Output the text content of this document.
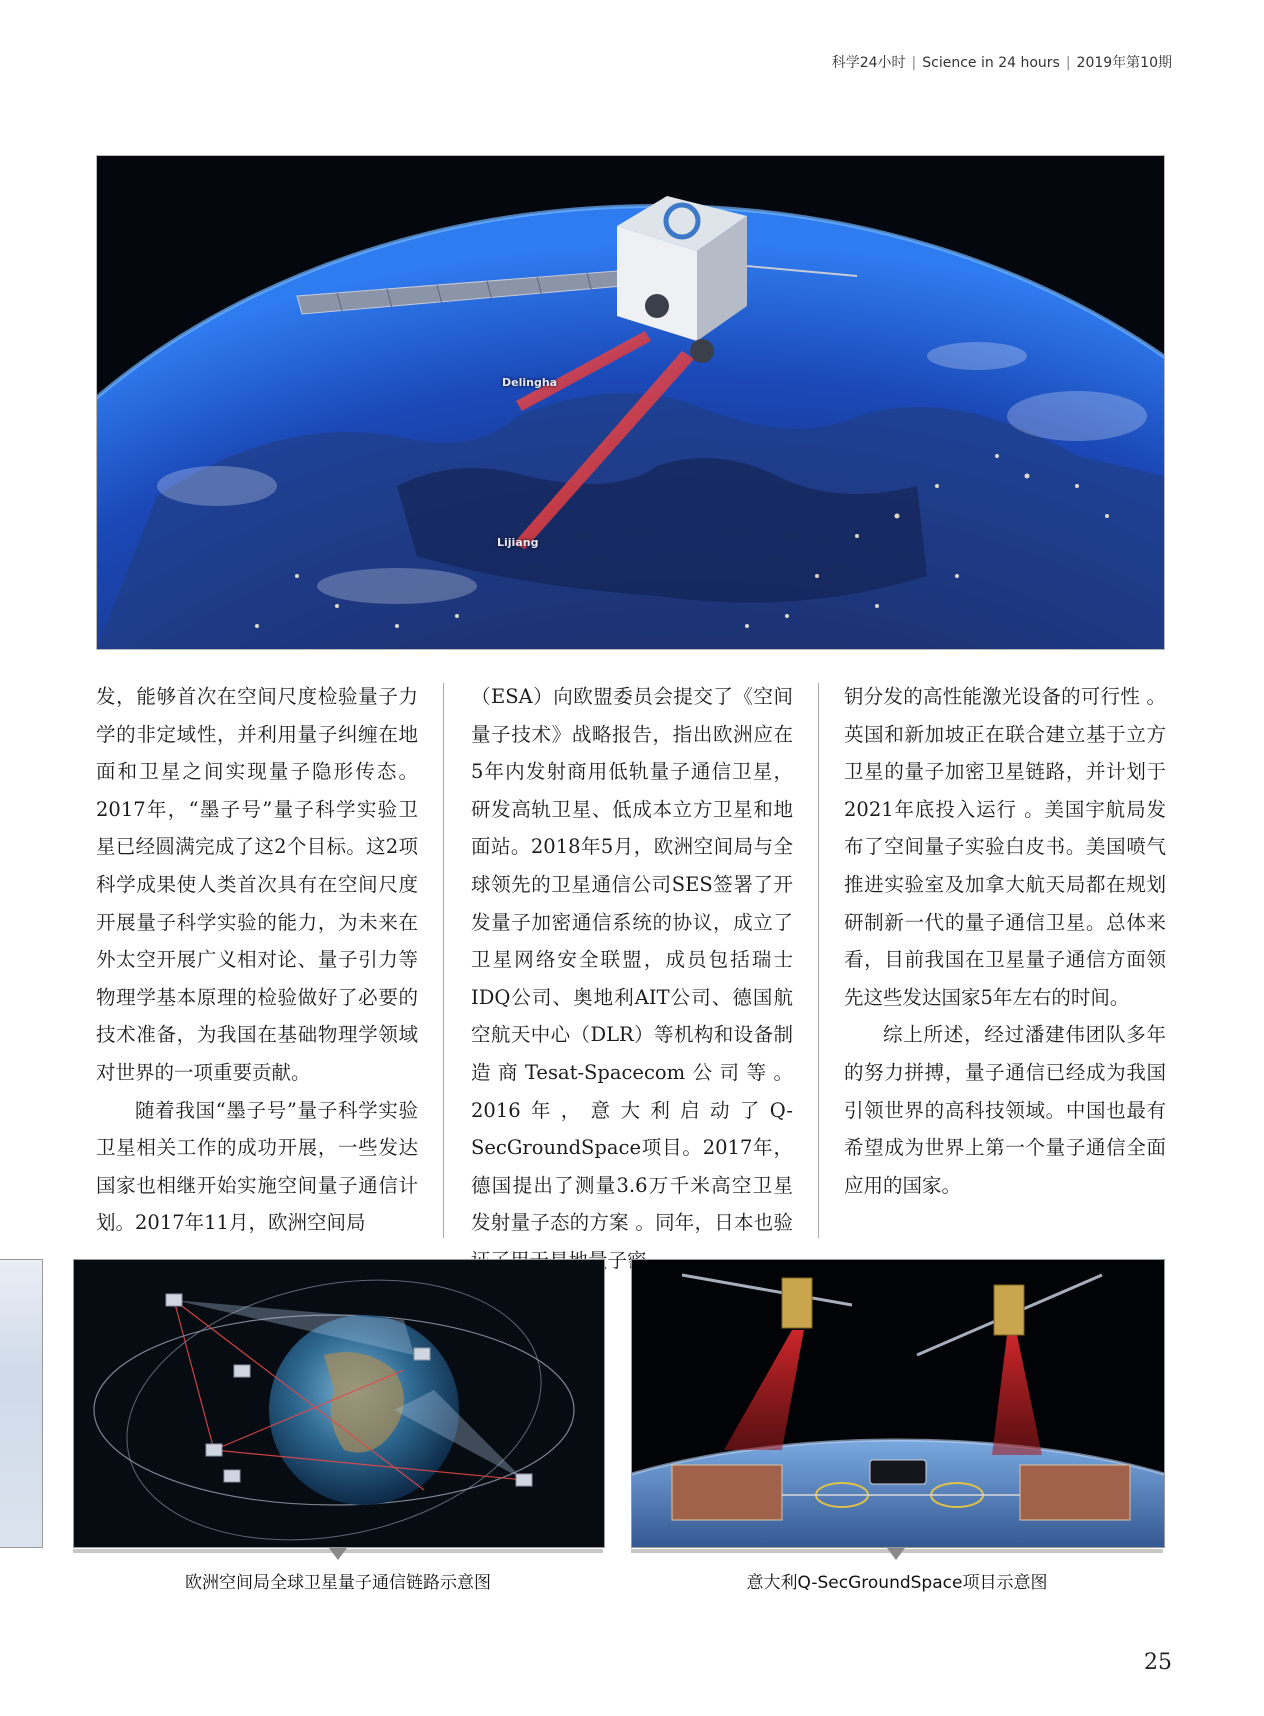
科学24小时 | Science in 24 hours | 2019年第10期
Delingha
Lijiang

发，能够首次在空间尺度检验量子力学的非定域性，并利用量子纠缠在地面和卫星之间实现量子隐形传态。2017年，“墨子号”量子科学实验卫星已经圆满完成了这2个目标。这2项科学成果使人类首次具有在空间尺度开展量子科学实验的能力，为未来在外太空开展广义相对论、量子引力等物理学基本原理的检验做好了必要的技术准备，为我国在基础物理学领域对世界的一项重要贡献。

随着我国“墨子号”量子科学实验卫星相关工作的成功开展，一些发达国家也相继开始实施空间量子通信计划。2017年11月，欧洲空间局

（ESA）向欧盟委员会提交了《空间量子技术》战略报告，指出欧洲应在5年内发射商用低轨量子通信卫星，研发高轨卫星、低成本立方卫星和地面站。2018年5月，欧洲空间局与全球领先的卫星通信公司SES签署了开发量子加密通信系统的协议，成立了卫星网络安全联盟，成员包括瑞士IDQ公司、奥地利AIT公司、德国航空航天中心（DLR）等机构和设备制造商Tesat-Spacecom公司等。2016年，意大利启动了Q-SecGroundSpace项目。2017年，德国提出了测量3.6万千米高空卫星发射量子态的方案 。同年，日本也验 量子密

钥分发的高性能激光设备的可行性 。英国和新加坡正在联合建立基于立方卫星的量子加密卫星链路，并计划于2021年底投入运行 。美国宇航局发布了空间量子实验白皮书。美国喷气推进实验室及加拿大航天局都在规划研制新一代的量子通信卫星。总体来看，目前我国在卫星量子通信方面领先这些发达国家5年左右的时间。

综上所述，经过潘建伟团队多年的努力拼搏，量子通信已经成为我国引领世界的高科技领域。中国也最有希望成为世界上第一个量子通信全面应用的国家。

欧洲空间局全球卫星量子通信链路示意图	意大利Q-SecGroundSpace项目示意图
25
